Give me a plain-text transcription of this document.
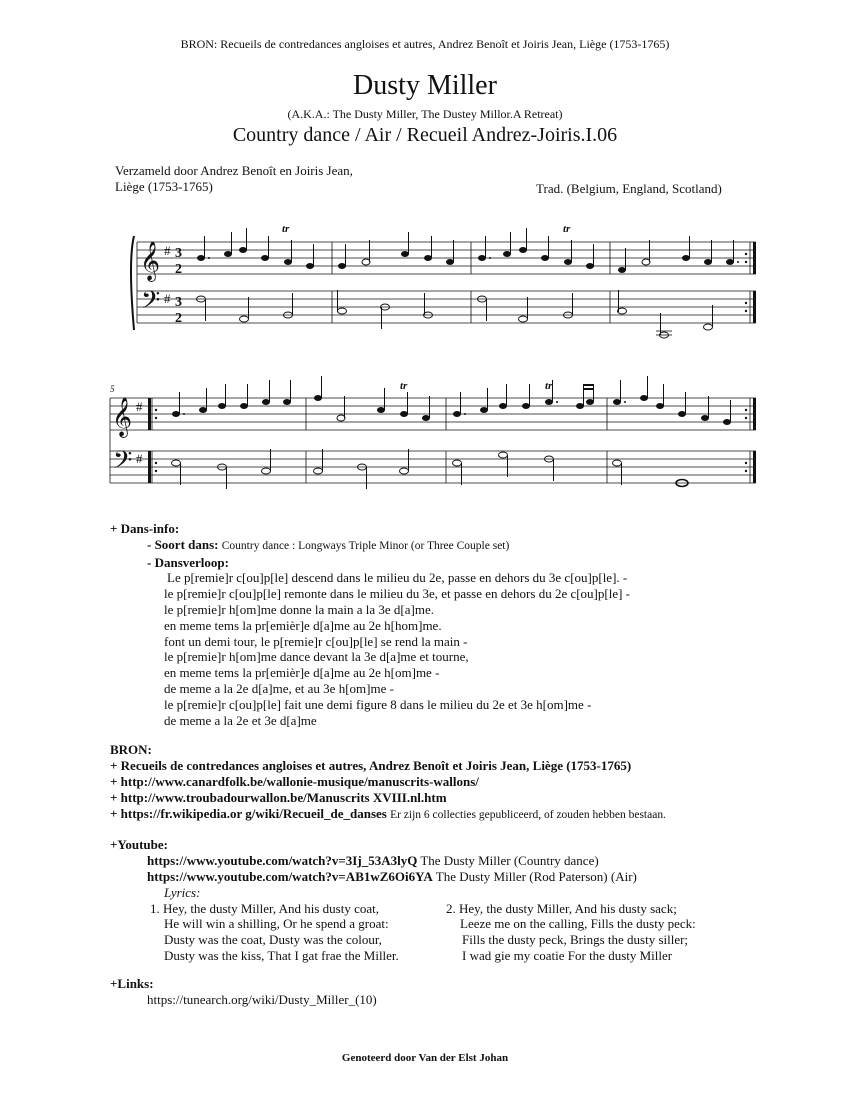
BRON: Recueils de contredances angloises et autres, Andrez Benoît et Joiris Jean, Liège (1753-1765)
Dusty Miller
(A.K.A.: The Dusty Miller, The Dustey Millor.A Retreat)
Country dance / Air / Recueil Andrez-Joiris.I.06
Verzameld door Andrez Benoît en Joiris Jean,
Liège (1753-1765)	Trad. (Belgium, England, Scotland)
𝄞
𝄢
#
#
3
2
3
2
tr	tr
5
𝄞
𝄢
#
#
tr	tr
+ Dans-info:
- Soort dans: Country dance : Longways Triple Minor (or Three Couple set)
- Dansverloop:
Le p[remie]r c[ou]p[le] descend dans le milieu du 2e, passe en dehors du 3e c[ou]p[le]. -
le p[remie]r c[ou]p[le] remonte dans le milieu du 3e, et passe en dehors du 2e c[ou]p[le] -
le p[remie]r h[om]me donne la main a la 3e d[a]me.
en meme tems la pr[emièr]e d[a]me au 2e h[hom]me.
font un demi tour, le p[remie]r c[ou]p[le] se rend la main -
le p[remie]r h[om]me dance devant la 3e d[a]me et tourne,
en meme tems la pr[emièr]e d[a]me au 2e h[om]me -
de meme a la 2e d[a]me, et au 3e h[om]me -
le p[remie]r c[ou]p[le] fait une demi figure 8 dans le milieu du 2e et 3e h[om]me -
de meme a la 2e et 3e d[a]me
BRON:
+ Recueils de contredances angloises et autres, Andrez Benoît et Joiris Jean, Liège (1753-1765)
+ http://www.canardfolk.be/wallonie-musique/manuscrits-wallons/
+ http://www.troubadourwallon.be/Manuscrits XVIII.nl.htm
+ https://fr.wikipedia.or g/wiki/Recueil_de_danses Er zijn 6 collecties gepubliceerd, of zouden hebben bestaan.
+Youtube:
https://www.youtube.com/watch?v=3Ij_53A3lyQ The Dusty Miller (Country dance)
https://www.youtube.com/watch?v=AB1wZ6Oi6YA The Dusty Miller (Rod Paterson) (Air)
Lyrics:
1. Hey, the dusty Miller, And his dusty coat,
He will win a shilling, Or he spend a groat:
Dusty was the coat, Dusty was the colour,
Dusty was the kiss, That I gat frae the Miller.
2. Hey, the dusty Miller, And his dusty sack;
Leeze me on the calling, Fills the dusty peck:
Fills the dusty peck, Brings the dusty siller;
I wad gie my coatie For the dusty Miller
+Links:
https://tunearch.org/wiki/Dusty_Miller_(10)
Genoteerd door Van der Elst Johan
